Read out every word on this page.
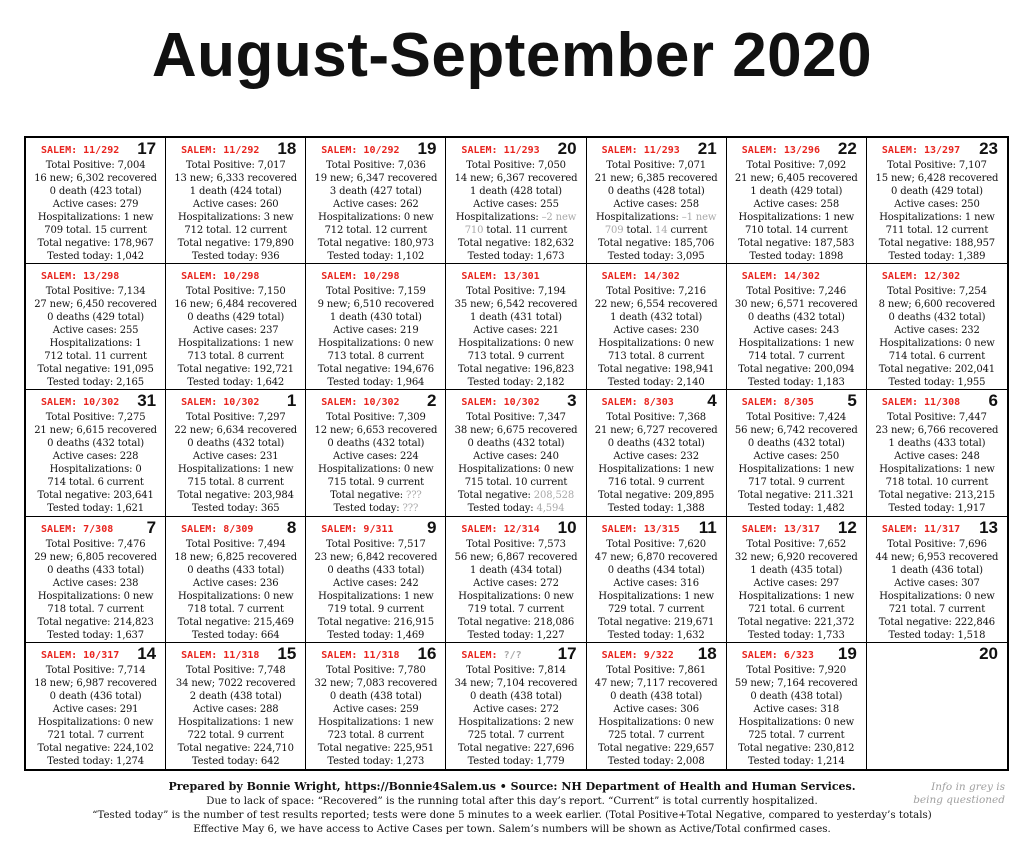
August-September 2020
SALEM: 11/292 17
Total Positive: 7,004
16 new; 6,302 recovered
0 death (423 total)
Active cases: 279
Hospitalizations: 1 new
709 total. 15 current
Total negative: 178,967
Tested today: 1,042
SALEM: 11/292 18
Total Positive: 7,017
13 new; 6,333 recovered
1 death (424 total)
Active cases: 260
Hospitalizations: 3 new
712 total. 12 current
Total negative: 179,890
Tested today: 936
SALEM: 10/292 19
Total Positive: 7,036
19 new; 6,347 recovered
3 death (427 total)
Active cases: 262
Hospitalizations: 0 new
712 total. 12 current
Total negative: 180,973
Tested today: 1,102
SALEM: 11/293 20
Total Positive: 7,050
14 new; 6,367 recovered
1 death (428 total)
Active cases: 255
Hospitalizations: –2 new
710 total. 11 current
Total negative: 182,632
Tested today: 1,673
SALEM: 11/293 21
Total Positive: 7,071
21 new; 6,385 recovered
0 deaths (428 total)
Active cases: 258
Hospitalizations: –1 new
709 total. 14 current
Total negative: 185,706
Tested today: 3,095
SALEM: 13/296 22
Total Positive: 7,092
21 new; 6,405 recovered
1 death (429 total)
Active cases: 258
Hospitalizations: 1 new
710 total. 14 current
Total negative: 187,583
Tested today: 1898
SALEM: 13/297 23
Total Positive: 7,107
15 new; 6,428 recovered
0 death (429 total)
Active cases: 250
Hospitalizations: 1 new
711 total. 12 current
Total negative: 188,957
Tested today: 1,389
SALEM: 13/298
Total Positive: 7,134
27 new; 6,450 recovered
0 deaths (429 total)
Active cases: 255
Hospitalizations: 1
712 total. 11 current
Total negative: 191,095
Tested today: 2,165
SALEM: 10/298
Total Positive: 7,150
16 new; 6,484 recovered
0 deaths (429 total)
Active cases: 237
Hospitalizations: 1 new
713 total. 8 current
Total negative: 192,721
Tested today: 1,642
SALEM: 10/298
Total Positive: 7,159
9 new; 6,510 recovered
1 death (430 total)
Active cases: 219
Hospitalizations: 0 new
713 total. 8 current
Total negative: 194,676
Tested today: 1,964
SALEM: 13/301
Total Positive: 7,194
35 new; 6,542 recovered
1 death (431 total)
Active cases: 221
Hospitalizations: 0 new
713 total. 9 current
Total negative: 196,823
Tested today: 2,182
SALEM: 14/302
Total Positive: 7,216
22 new; 6,554 recovered
1 death (432 total)
Active cases: 230
Hospitalizations: 0 new
713 total. 8 current
Total negative: 198,941
Tested today: 2,140
SALEM: 14/302
Total Positive: 7,246
30 new; 6,571 recovered
0 deaths (432 total)
Active cases: 243
Hospitalizations: 1 new
714 total. 7 current
Total negative: 200,094
Tested today: 1,183
SALEM: 12/302
Total Positive: 7,254
8 new; 6,600 recovered
0 deaths (432 total)
Active cases: 232
Hospitalizations: 0 new
714 total. 6 current
Total negative: 202,041
Tested today: 1,955
SALEM: 10/302 31
Total Positive: 7,275
21 new; 6,615 recovered
0 deaths (432 total)
Active cases: 228
Hospitalizations: 0
714 total. 6 current
Total negative: 203,641
Tested today: 1,621
SALEM: 10/302 1
Total Positive: 7,297
22 new; 6,634 recovered
0 deaths (432 total)
Active cases: 231
Hospitalizations: 1 new
715 total. 8 current
Total negative: 203,984
Tested today: 365
SALEM: 10/302 2
Total Positive: 7,309
12 new; 6,653 recovered
0 deaths (432 total)
Active cases: 224
Hospitalizations: 0 new
715 total. 9 current
Total negative: ???
Tested today: ???
SALEM: 10/302 3
Total Positive: 7,347
38 new; 6,675 recovered
0 deaths (432 total)
Active cases: 240
Hospitalizations: 0 new
715 total. 10 current
Total negative: 208,528
Tested today: 4,594
SALEM: 8/303 4
Total Positive: 7,368
21 new; 6,727 recovered
0 deaths (432 total)
Active cases: 232
Hospitalizations: 1 new
716 total. 9 current
Total negative: 209,895
Tested today: 1,388
SALEM: 8/305 5
Total Positive: 7,424
56 new; 6,742 recovered
0 deaths (432 total)
Active cases: 250
Hospitalizations: 1 new
717 total. 9 current
Total negative: 211.321
Tested today: 1,482
SALEM: 11/308 6
Total Positive: 7,447
23 new; 6,766 recovered
1 deaths (433 total)
Active cases: 248
Hospitalizations: 1 new
718 total. 10 current
Total negative: 213,215
Tested today: 1,917
SALEM: 7/308 7
Total Positive: 7,476
29 new; 6,805 recovered
0 deaths (433 total)
Active cases: 238
Hospitalizations: 0 new
718 total. 7 current
Total negative: 214,823
Tested today: 1,637
SALEM: 8/309 8
Total Positive: 7,494
18 new; 6,825 recovered
0 deaths (433 total)
Active cases: 236
Hospitalizations: 0 new
718 total. 7 current
Total negative: 215,469
Tested today: 664
SALEM: 9/311 9
Total Positive: 7,517
23 new; 6,842 recovered
0 deaths (433 total)
Active cases: 242
Hospitalizations: 1 new
719 total. 9 current
Total negative: 216,915
Tested today: 1,469
SALEM: 12/314 10
Total Positive: 7,573
56 new; 6,867 recovered
1 death (434 total)
Active cases: 272
Hospitalizations: 0 new
719 total. 7 current
Total negative: 218,086
Tested today: 1,227
SALEM: 13/315 11
Total Positive: 7,620
47 new; 6,870 recovered
0 deaths (434 total)
Active cases: 316
Hospitalizations: 1 new
729 total. 7 current
Total negative: 219,671
Tested today: 1,632
SALEM: 13/317 12
Total Positive: 7,652
32 new; 6,920 recovered
1 death (435 total)
Active cases: 297
Hospitalizations: 1 new
721 total. 6 current
Total negative: 221,372
Tested today: 1,733
SALEM: 11/317 13
Total Positive: 7,696
44 new; 6,953 recovered
1 death (436 total)
Active cases: 307
Hospitalizations: 0 new
721 total. 7 current
Total negative: 222,846
Tested today: 1,518
SALEM: 10/317 14
Total Positive: 7,714
18 new; 6,987 recovered
0 death (436 total)
Active cases: 291
Hospitalizations: 0 new
721 total. 7 current
Total negative: 224,102
Tested today: 1,274
SALEM: 11/318 15
Total Positive: 7,748
34 new; 7022 recovered
2 death (438 total)
Active cases: 288
Hospitalizations: 1 new
722 total. 9 current
Total negative: 224,710
Tested today: 642
SALEM: 11/318 16
Total Positive: 7,780
32 new; 7,083 recovered
0 death (438 total)
Active cases: 259
Hospitalizations: 1 new
723 total. 8 current
Total negative: 225,951
Tested today: 1,273
SALEM: ?/? 17
Total Positive: 7,814
34 new; 7,104 recovered
0 death (438 total)
Active cases: 272
Hospitalizations: 2 new
725 total. 7 current
Total negative: 227,696
Tested today: 1,779
SALEM: 9/322 18
Total Positive: 7,861
47 new; 7,117 recovered
0 death (438 total)
Active cases: 306
Hospitalizations: 0 new
725 total. 7 current
Total negative: 229,657
Tested today: 2,008
SALEM: 6/323 19
Total Positive: 7,920
59 new; 7,164 recovered
0 death (438 total)
Active cases: 318
Hospitalizations: 0 new
725 total. 7 current
Total negative: 230,812
Tested today: 1,214
20
Prepared by Bonnie Wright, https://Bonnie4Salem.us • Source: NH Department of Health and Human Services.
Due to lack of space: “Recovered” is the running total after this day’s report. “Current” is total currently hospitalized.
“Tested today” is the number of test results reported; tests were done 5 minutes to a week earlier. (Total Positive+Total Negative, compared to yesterday’s totals)
Effective May 6, we have access to Active Cases per town. Salem’s numbers will be shown as Active/Total confirmed cases.
Info in grey is
being questioned
